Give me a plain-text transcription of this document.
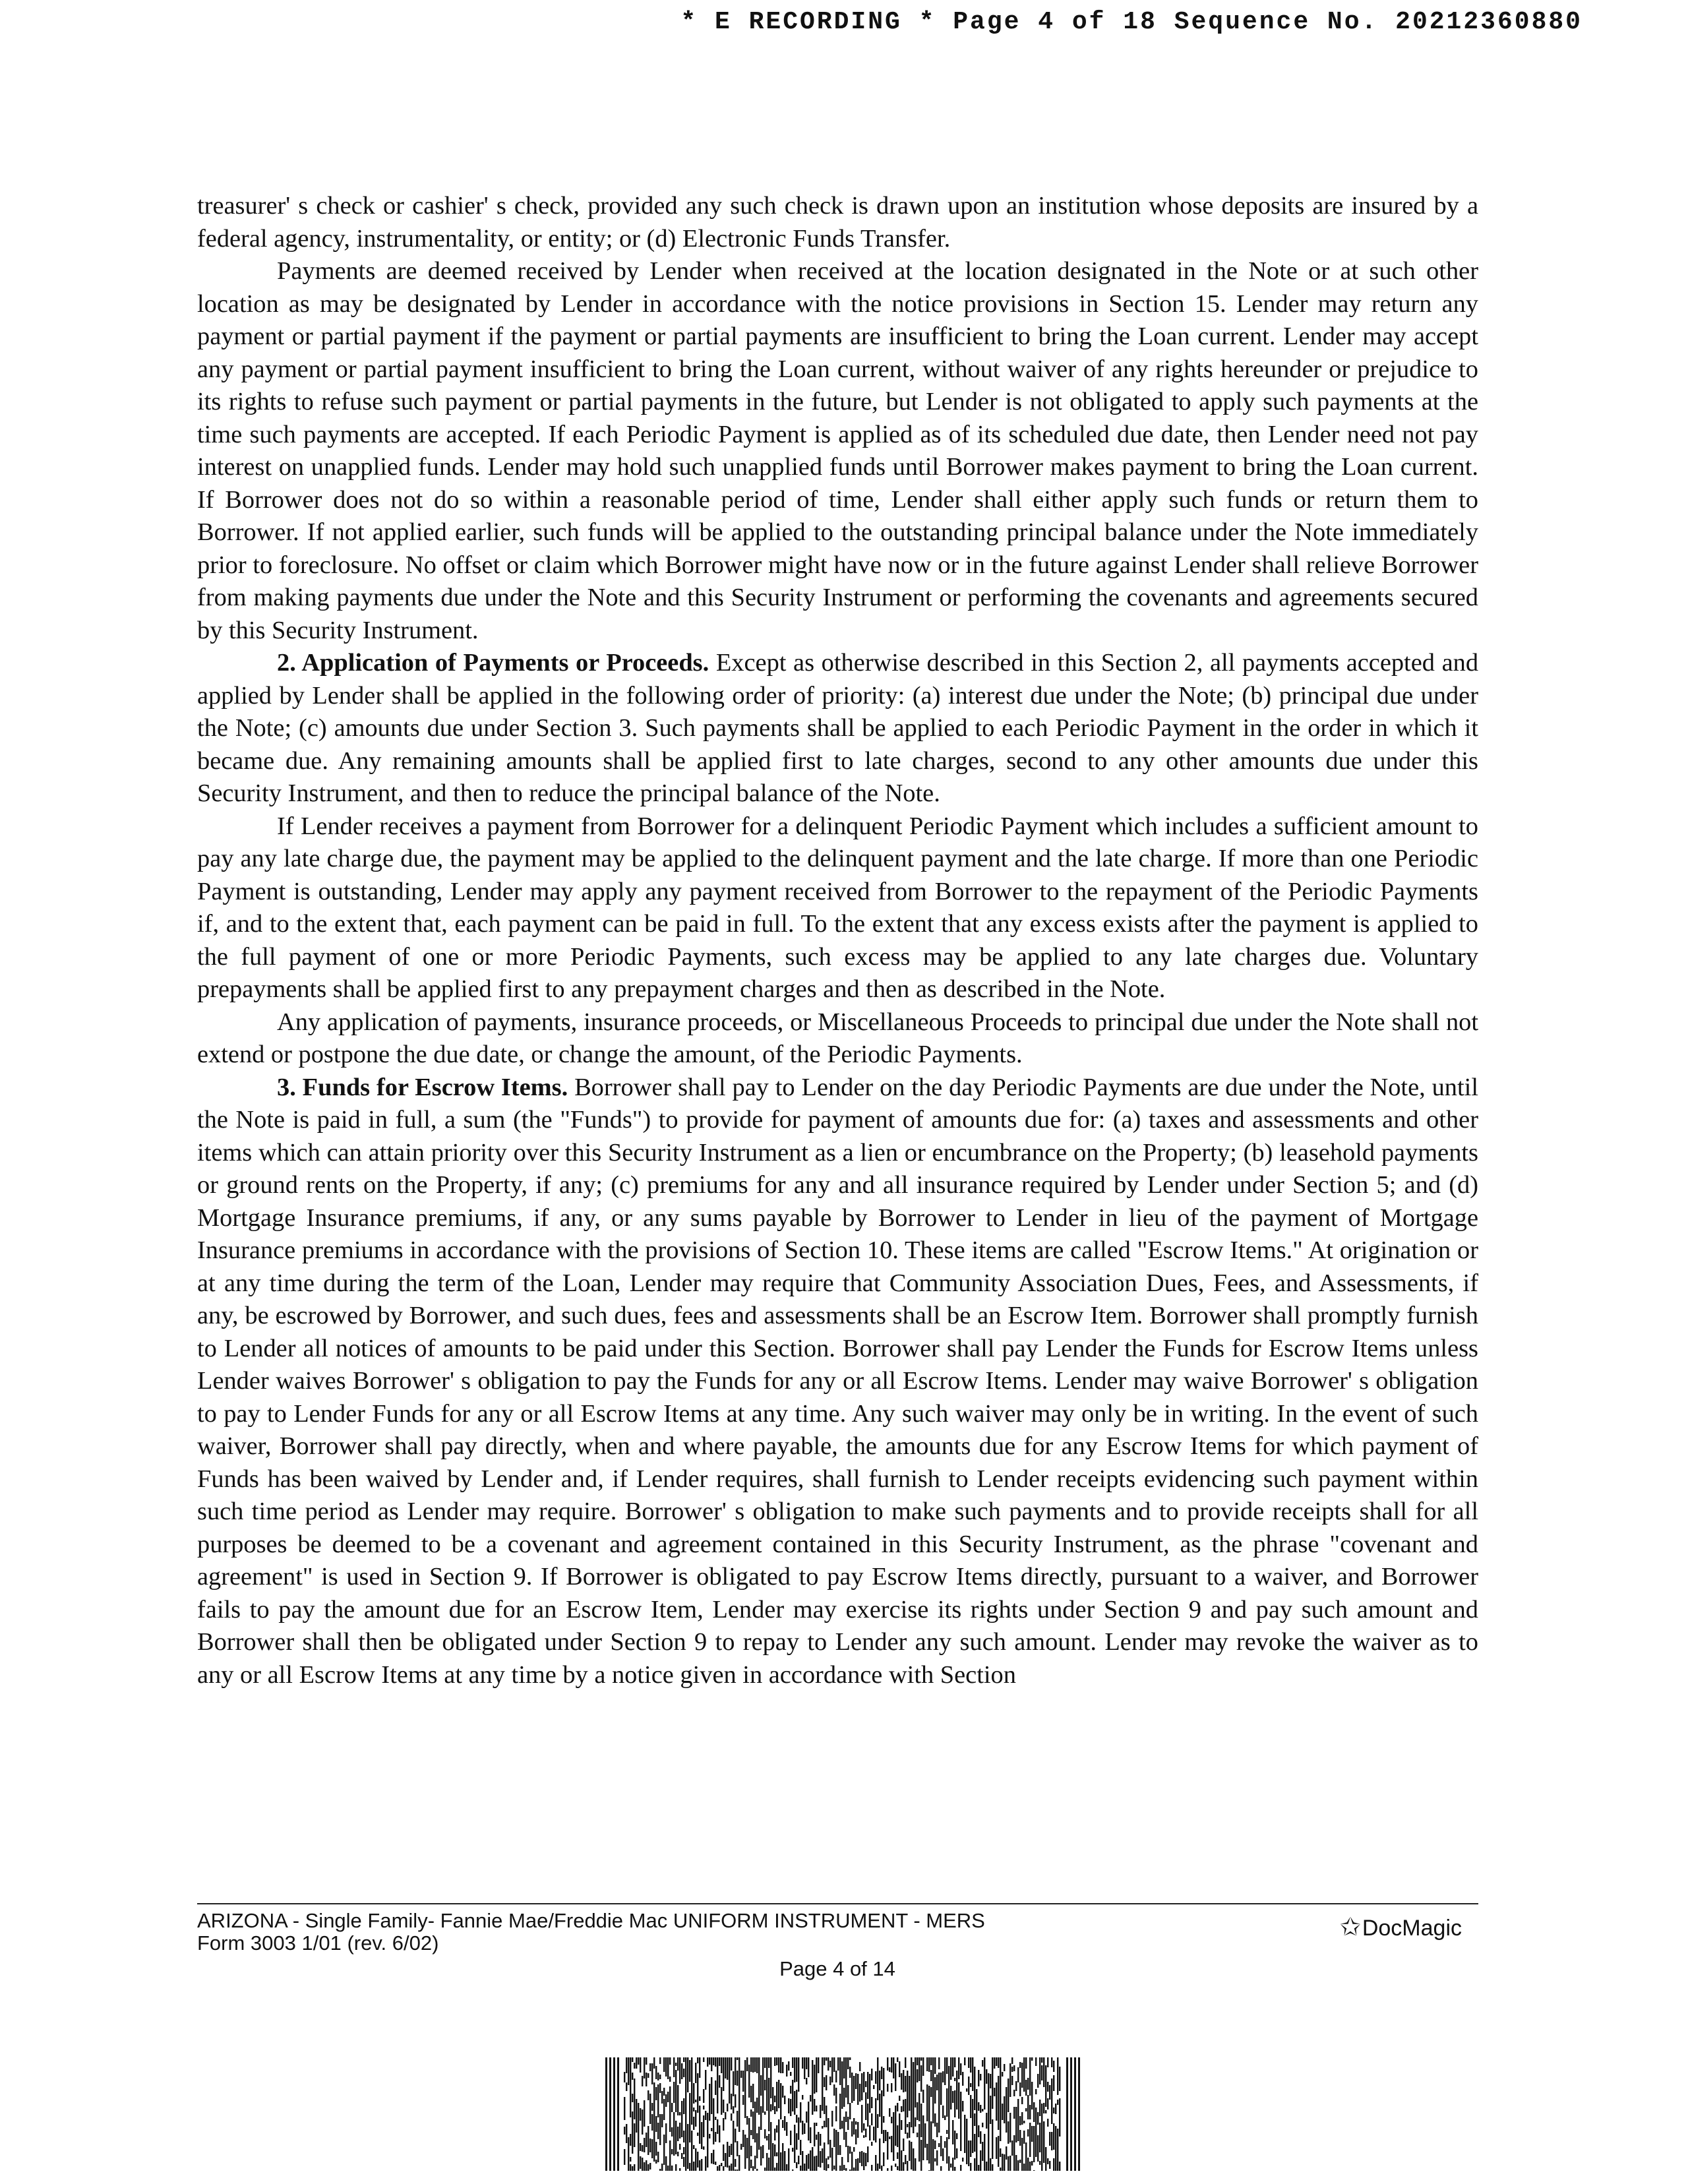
* E RECORDING * Page 4 of 18 Sequence No. 20212360880

treasurer' s check or cashier' s check, provided any such check is drawn upon an institution whose deposits are insured by a federal agency, instrumentality, or entity; or (d) Electronic Funds Transfer.

Payments are deemed received by Lender when received at the location designated in the Note or at such other location as may be designated by Lender in accordance with the notice provisions in Section 15. Lender may return any payment or partial payment if the payment or partial payments are insufficient to bring the Loan current. Lender may accept any payment or partial payment insufficient to bring the Loan current, without waiver of any rights hereunder or prejudice to its rights to refuse such payment or partial payments in the future, but Lender is not obligated to apply such payments at the time such payments are accepted. If each Periodic Payment is applied as of its scheduled due date, then Lender need not pay interest on unapplied funds. Lender may hold such unapplied funds until Borrower makes payment to bring the Loan current. If Borrower does not do so within a reasonable period of time, Lender shall either apply such funds or return them to Borrower. If not applied earlier, such funds will be applied to the outstanding principal balance under the Note immediately prior to foreclosure. No offset or claim which Borrower might have now or in the future against Lender shall relieve Borrower from making payments due under the Note and this Security Instrument or performing the covenants and agreements secured by this Security Instrument.

2. Application of Payments or Proceeds. Except as otherwise described in this Section 2, all payments accepted and applied by Lender shall be applied in the following order of priority: (a) interest due under the Note; (b) principal due under the Note; (c) amounts due under Section 3. Such payments shall be applied to each Periodic Payment in the order in which it became due. Any remaining amounts shall be applied first to late charges, second to any other amounts due under this Security Instrument, and then to reduce the principal balance of the Note.

If Lender receives a payment from Borrower for a delinquent Periodic Payment which includes a sufficient amount to pay any late charge due, the payment may be applied to the delinquent payment and the late charge. If more than one Periodic Payment is outstanding, Lender may apply any payment received from Borrower to the repayment of the Periodic Payments if, and to the extent that, each payment can be paid in full. To the extent that any excess exists after the payment is applied to the full payment of one or more Periodic Payments, such excess may be applied to any late charges due. Voluntary prepayments shall be applied first to any prepayment charges and then as described in the Note.

Any application of payments, insurance proceeds, or Miscellaneous Proceeds to principal due under the Note shall not extend or postpone the due date, or change the amount, of the Periodic Payments.

3. Funds for Escrow Items. Borrower shall pay to Lender on the day Periodic Payments are due under the Note, until the Note is paid in full, a sum (the "Funds") to provide for payment of amounts due for: (a) taxes and assessments and other items which can attain priority over this Security Instrument as a lien or encumbrance on the Property; (b) leasehold payments or ground rents on the Property, if any; (c) premiums for any and all insurance required by Lender under Section 5; and (d) Mortgage Insurance premiums, if any, or any sums payable by Borrower to Lender in lieu of the payment of Mortgage Insurance premiums in accordance with the provisions of Section 10. These items are called "Escrow Items." At origination or at any time during the term of the Loan, Lender may require that Community Association Dues, Fees, and Assessments, if any, be escrowed by Borrower, and such dues, fees and assessments shall be an Escrow Item. Borrower shall promptly furnish to Lender all notices of amounts to be paid under this Section. Borrower shall pay Lender the Funds for Escrow Items unless Lender waives Borrower' s obligation to pay the Funds for any or all Escrow Items. Lender may waive Borrower' s obligation to pay to Lender Funds for any or all Escrow Items at any time. Any such waiver may only be in writing. In the event of such waiver, Borrower shall pay directly, when and where payable, the amounts due for any Escrow Items for which payment of Funds has been waived by Lender and, if Lender requires, shall furnish to Lender receipts evidencing such payment within such time period as Lender may require. Borrower' s obligation to make such payments and to provide receipts shall for all purposes be deemed to be a covenant and agreement contained in this Security Instrument, as the phrase "covenant and agreement" is used in Section 9. If Borrower is obligated to pay Escrow Items directly, pursuant to a waiver, and Borrower fails to pay the amount due for an Escrow Item, Lender may exercise its rights under Section 9 and pay such amount and Borrower shall then be obligated under Section 9 to repay to Lender any such amount. Lender may revoke the waiver as to any or all Escrow Items at any time by a notice given in accordance with Section

ARIZONA - Single Family- Fannie Mae/Freddie Mac UNIFORM INSTRUMENT - MERS
Form 3003 1/01 (rev. 6/02)
✩DocMagic
Page 4 of 14
